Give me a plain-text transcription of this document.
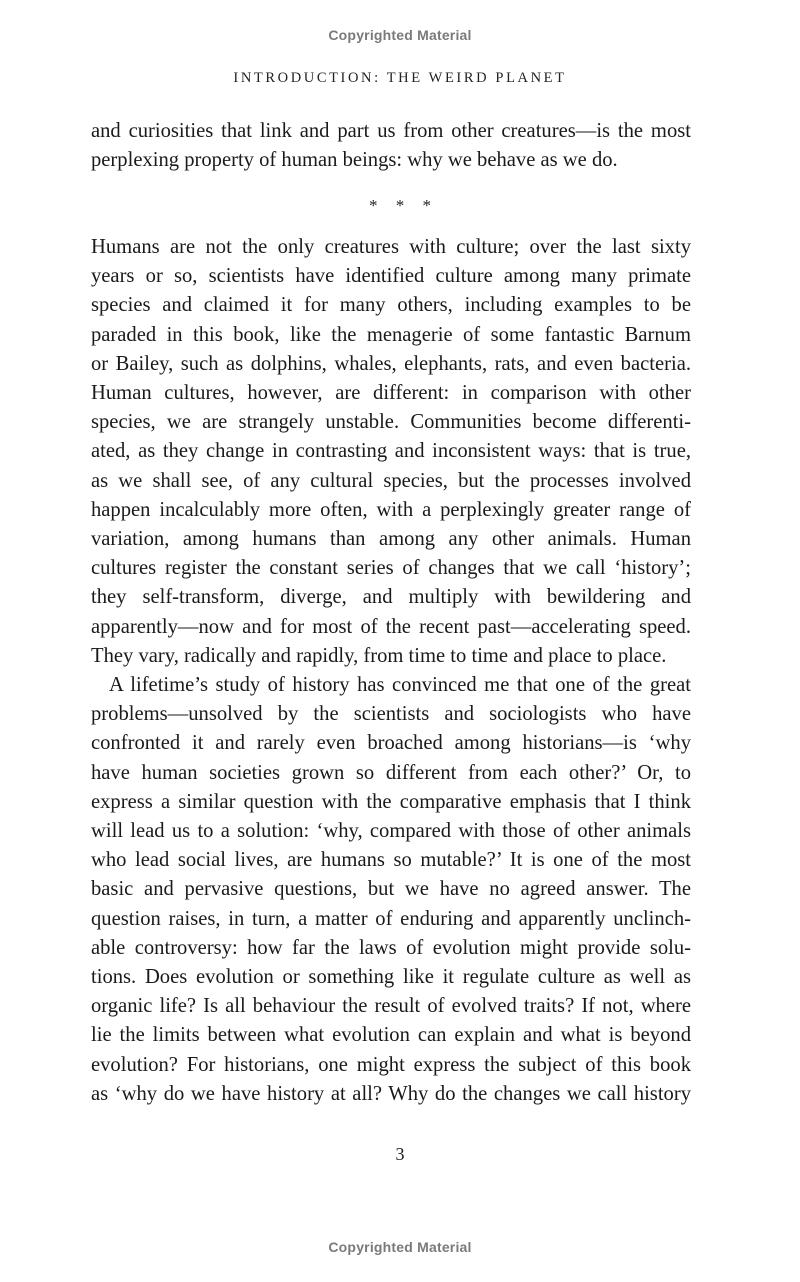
Copyrighted Material
INTRODUCTION: THE WEIRD PLANET
and curiosities that link and part us from other creatures—is the most
perplexing property of human beings: why we behave as we do.
* * *
Humans are not the only creatures with culture; over the last sixty
years or so, scientists have identified culture among many primate
species and claimed it for many others, including examples to be
paraded in this book, like the menagerie of some fantastic Barnum
or Bailey, such as dolphins, whales, elephants, rats, and even bacteria.
Human cultures, however, are different: in comparison with other
species, we are strangely unstable. Communities become differenti-
ated, as they change in contrasting and inconsistent ways: that is true,
as we shall see, of any cultural species, but the processes involved
happen incalculably more often, with a perplexingly greater range of
variation, among humans than among any other animals. Human
cultures register the constant series of changes that we call ‘history’;
they self-transform, diverge, and multiply with bewildering and
apparently—now and for most of the recent past—accelerating speed.
They vary, radically and rapidly, from time to time and place to place.
A lifetime’s study of history has convinced me that one of the great
problems—unsolved by the scientists and sociologists who have
confronted it and rarely even broached among historians—is ‘why
have human societies grown so different from each other?’ Or, to
express a similar question with the comparative emphasis that I think
will lead us to a solution: ‘why, compared with those of other animals
who lead social lives, are humans so mutable?’ It is one of the most
basic and pervasive questions, but we have no agreed answer. The
question raises, in turn, a matter of enduring and apparently unclinch-
able controversy: how far the laws of evolution might provide solu-
tions. Does evolution or something like it regulate culture as well as
organic life? Is all behaviour the result of evolved traits? If not, where
lie the limits between what evolution can explain and what is beyond
evolution? For historians, one might express the subject of this book
as ‘why do we have history at all? Why do the changes we call history
3
Copyrighted Material
